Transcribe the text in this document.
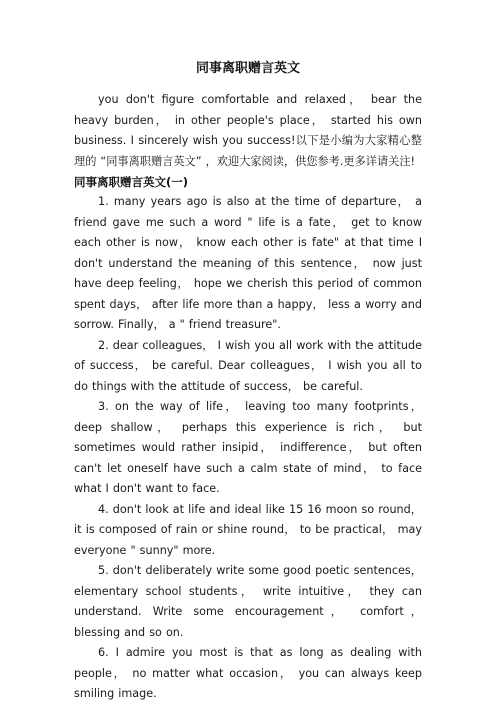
同事离职赠言英文

you don't figure comfortable and relaxed， bear the heavy burden， in other people's place， started his own business. I sincerely wish you success!以下是小编为大家精心整理的 “同事离职赠言英文” ，欢迎大家阅读，供您参考.更多详请关注!

同事离职赠言英文(一)

1. many years ago is also at the time of departure， a friend gave me such a word " life is a fate， get to know each other is now， know each other is fate" at that time I don't understand the meaning of this sentence， now just have deep feeling， hope we cherish this period of common spent days， after life more than a happy， less a worry and sorrow. Finally， a " friend treasure".

2. dear colleagues， I wish you all work with the attitude of success， be careful. Dear colleagues， I wish you all to do things with the attitude of success， be careful.

3. on the way of life， leaving too many footprints， deep shallow， perhaps this experience is rich， but sometimes would rather insipid， indifference， but often can't let oneself have such a calm state of mind， to face what I don't want to face.

4. don't look at life and ideal like 15 16 moon so round， it is composed of rain or shine round， to be practical， may everyone " sunny" more.

5. don't deliberately write some good poetic sentences， elementary school students， write intuitive， they can understand. Write some encouragement， comfort， blessing and so on.

6. I admire you most is that as long as dealing with people， no matter what occasion， you can always keep smiling image.
